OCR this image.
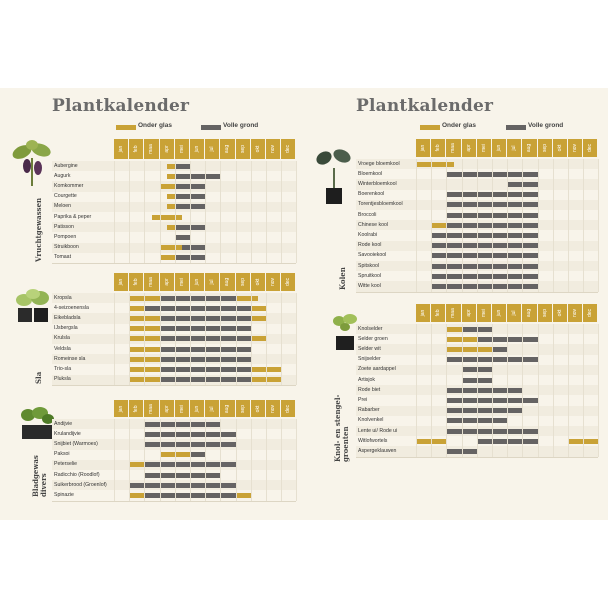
Plantkalender
Onder glas	Volle grond
Plantkalender
Onder glas	Volle grond
Vruchtgewassen
Sla
Bladgewas divers
Kolen
Knol- en stengel-groenten
jan feb maa apr mei jun jul aug sep okt nov dec
Aubergine
Augurk
Komkommer
Courgette
Meloen
Paprika & peper
Patisson
Pompoen
Struikboon
Tomaat
jan feb maa apr mei jun jul aug sep okt nov dec
Kropsla
4-seizoenensla
Eikebladsla
IJsbergsla
Krulsla
Veldsla
Romeinse sla
Trio-sla
Pluksla
jan feb maa apr mei jun jul aug sep okt nov dec
Andijvie
Krulandijvie
Snijbiet (Warmoes)
Paksoi
Peterselie
Radicchio (Roodlof)
Suikerbrood (Groenlof)
Spinazie
jan feb maa apr mei jun jul aug sep okt nov dec
Vroege bloemkool
Bloemkool
Winterbloemkool
Boerenkool
Torentjesbloemkool
Broccoli
Chinese kool
Koolrabi
Rode kool
Savooiekool
Spitskool
Spruitkool
Witte kool
jan feb maa apr mei jun jul aug sep okt nov dec
Knolselder
Selder groen
Selder wit
Snijselder
Zoete aardappel
Artisjok
Rode biet
Prei
Rabarber
Knolvenkel
Lente ui/ Rode ui
Witlofwortels
Aspergeklauwen
